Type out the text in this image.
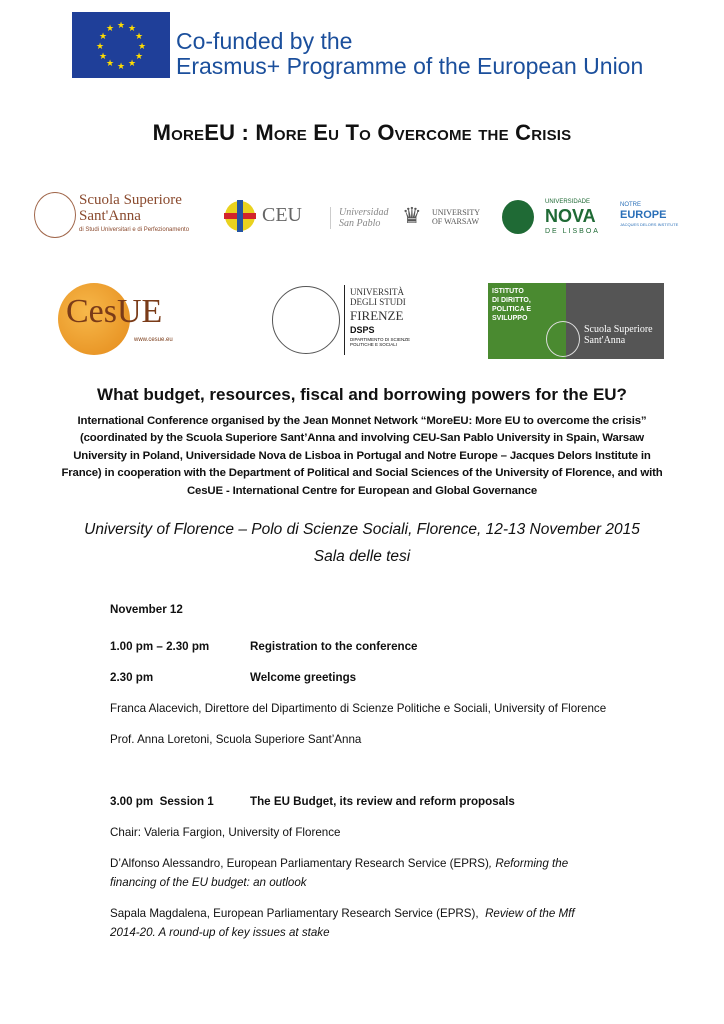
★ ★
★
★
★
★
★
★
★
★
★
★	Co-funded by the
Erasmus+ Programme of the European Union
MoreEU : More Eu To Overcome the Crisis
Scuola Superiore
Sant'Anna
di Studi Universitari e di Perfezionamento
CEU	Universidad
San Pablo ♛	UNIVERSITY
OF WARSAW
UNIVERSIDADE
NOVA
DE LISBOA
NOTRE
EUROPE
JACQUES DELORS INSTITUTE
CesUE
www.cesue.eu
UNIVERSITÀ
DEGLI STUDI
FIRENZE
DSPS
DIPARTIMENTO DI SCIENZE POLITICHE E SOCIALI
ISTITUTO
DI DIRITTO,
POLITICA E
SVILUPPO
Scuola Superiore
Sant'Anna
What budget, resources, fiscal and borrowing powers for the EU?
International Conference organised by the Jean Monnet Network “MoreEU: More EU to overcome the crisis” (coordinated by the Scuola Superiore Sant’Anna and involving CEU-San Pablo University in Spain, Warsaw University in Poland, Universidade Nova de Lisboa in Portugal and Notre Europe – Jacques Delors Institute in France) in cooperation with the Department of Political and Social Sciences of the University of Florence, and with CesUE - International Centre for European and Global Governance
University of Florence – Polo di Scienze Sociali, Florence, 12-13 November 2015
Sala delle tesi

November 12

1.00 pm – 2.30 pm	Registration to the conference

2.30 pm	Welcome greetings

Franca Alacevich, Direttore del Dipartimento di Scienze Politiche e Sociali, University of Florence

Prof. Anna Loretoni, Scuola Superiore Sant’Anna

3.00 pm  Session 1	The EU Budget, its review and reform proposals

Chair: Valeria Fargion, University of Florence

D’Alfonso Alessandro, European Parliamentary Research Service (EPRS), Reforming the financing of the EU budget: an outlook

Sapala Magdalena, European Parliamentary Research Service (EPRS),  Review of the Mff 2014-20. A round-up of key issues at stake
